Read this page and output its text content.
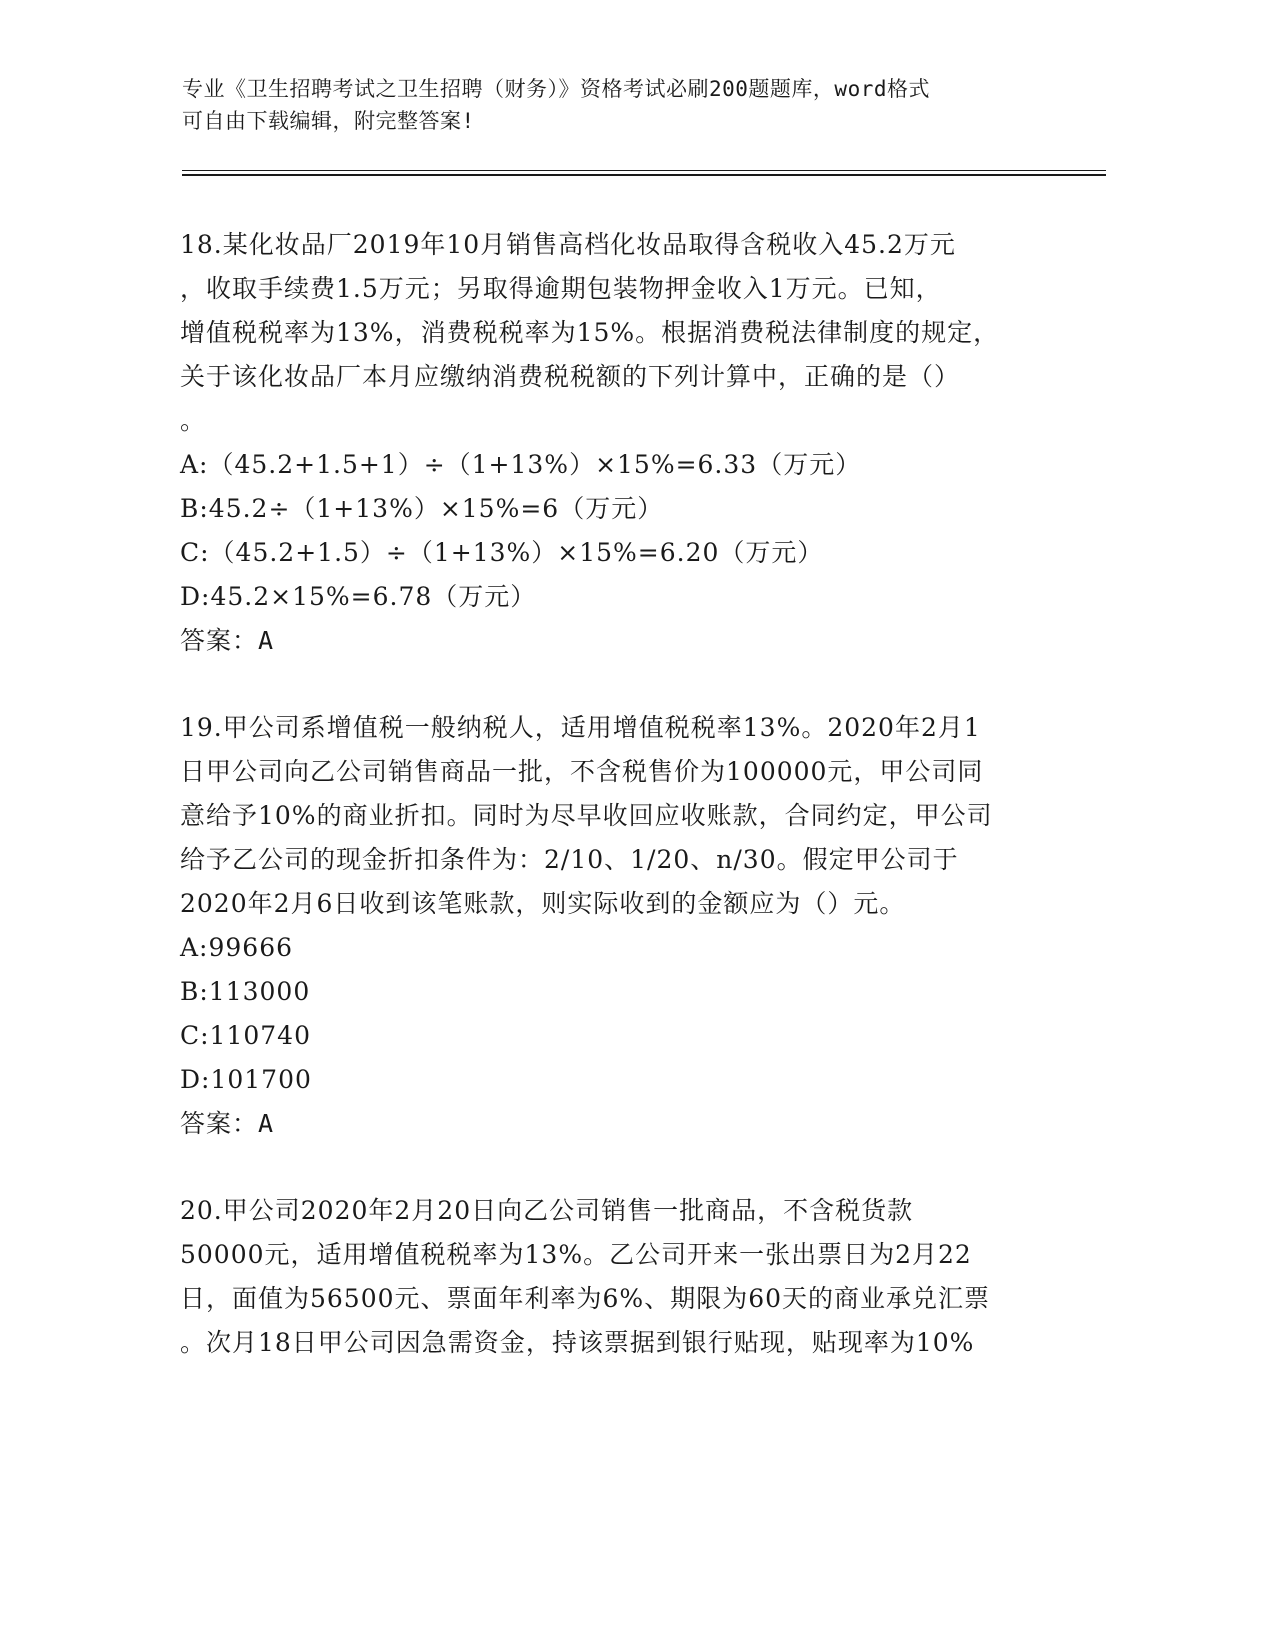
专业《卫生招聘考试之卫生招聘（财务）》资格考试必刷200题题库，word格式
可自由下载编辑，附完整答案!
18.某化妆品厂2019年10月销售高档化妆品取得含税收入45.2万元
，收取手续费1.5万元；另取得逾期包装物押金收入1万元。已知，
增值税税率为13%，消费税税率为15%。根据消费税法律制度的规定，
关于该化妆品厂本月应缴纳消费税税额的下列计算中，正确的是（）
。
A:（45.2+1.5+1）÷（1+13%）×15%=6.33（万元）
B:45.2÷（1+13%）×15%=6（万元）
C:（45.2+1.5）÷（1+13%）×15%=6.20（万元）
D:45.2×15%=6.78（万元）
答案：A
19.甲公司系增值税一般纳税人，适用增值税税率13%。2020年2月1
日甲公司向乙公司销售商品一批，不含税售价为100000元，甲公司同
意给予10%的商业折扣。同时为尽早收回应收账款，合同约定，甲公司
给予乙公司的现金折扣条件为：2/10、1/20、n/30。假定甲公司于
2020年2月6日收到该笔账款，则实际收到的金额应为（）元。
A:99666
B:113000
C:110740
D:101700
答案：A
20.甲公司2020年2月20日向乙公司销售一批商品，不含税货款
50000元，适用增值税税率为13%。乙公司开来一张出票日为2月22
日，面值为56500元、票面年利率为6%、期限为60天的商业承兑汇票
。次月18日甲公司因急需资金，持该票据到银行贴现，贴现率为10%
